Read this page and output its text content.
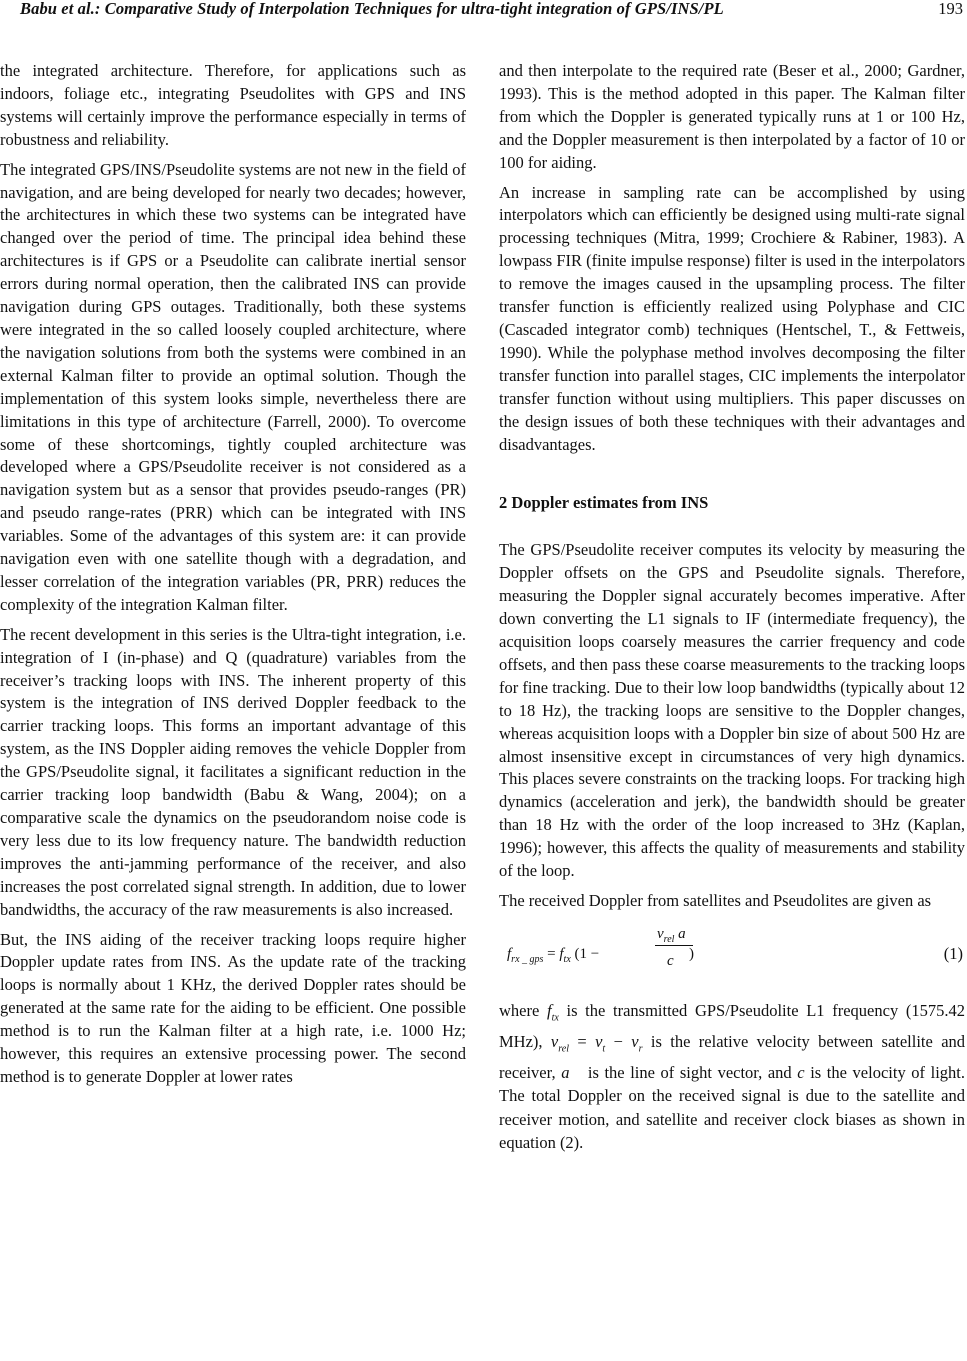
Babu et al.: Comparative Study of Interpolation Techniques for ultra-tight integration of GPS/INS/PL	193

the integrated architecture. Therefore, for applications such as indoors, foliage etc., integrating Pseudolites with GPS and INS systems will certainly improve the performance especially in terms of robustness and reliability.

The integrated GPS/INS/Pseudolite systems are not new in the field of navigation, and are being developed for nearly two decades; however, the architectures in which these two systems can be integrated have changed over the period of time. The principal idea behind these architectures is if GPS or a Pseudolite can calibrate inertial sensor errors during normal operation, then the calibrated INS can provide navigation during GPS outages. Traditionally, both these systems were integrated in the so called loosely coupled architecture, where the navigation solutions from both the systems were combined in an external Kalman filter to provide an optimal solution. Though the implementation of this system looks simple, nevertheless there are limitations in this type of architecture (Farrell, 2000). To overcome some of these shortcomings, tightly coupled architecture was developed where a GPS/Pseudolite receiver is not considered as a navigation system but as a sensor that provides pseudo-ranges (PR) and pseudo range-rates (PRR) which can be integrated with INS variables. Some of the advantages of this system are: it can provide navigation even with one satellite though with a degradation, and lesser correlation of the integration variables (PR, PRR) reduces the complexity of the integration Kalman filter.

The recent development in this series is the Ultra-tight integration, i.e. integration of I (in-phase) and Q (quadrature) variables from the receiver’s tracking loops with INS. The inherent property of this system is the integration of INS derived Doppler feedback to the carrier tracking loops. This forms an important advantage of this system, as the INS Doppler aiding removes the vehicle Doppler from the GPS/Pseudolite signal, it facilitates a significant reduction in the carrier tracking loop bandwidth (Babu & Wang, 2004); on a comparative scale the dynamics on the pseudorandom noise code is very less due to its low frequency nature. The bandwidth reduction improves the anti-jamming performance of the receiver, and also increases the post correlated signal strength. In addition, due to lower bandwidths, the accuracy of the raw measurements is also increased.

But, the INS aiding of the receiver tracking loops require higher Doppler update rates from INS. As the update rate of the tracking loops is normally about 1 KHz, the derived Doppler rates should be generated at the same rate for the aiding to be efficient. One possible method is to run the Kalman filter at a high rate, i.e. 1000 Hz; however, this requires an extensive processing power. The second method is to generate Doppler at lower rates

and then interpolate to the required rate (Beser et al., 2000; Gardner, 1993). This is the method adopted in this paper. The Kalman filter from which the Doppler is generated typically runs at 1 or 100 Hz, and the Doppler measurement is then interpolated by a factor of 10 or 100 for aiding.

An increase in sampling rate can be accomplished by using interpolators which can efficiently be designed using multi-rate signal processing techniques (Mitra, 1999; Crochiere & Rabiner, 1983). A lowpass FIR (finite impulse response) filter is used in the interpolators to remove the images caused in the upsampling process. The filter transfer function is efficiently realized using Polyphase and CIC (Cascaded integrator comb) techniques (Hentschel, T., & Fettweis, 1990). While the polyphase method involves decomposing the filter transfer function into parallel stages, CIC implements the interpolator transfer function without using multipliers. This paper discusses on the design issues of both these techniques with their advantages and disadvantages.

2 Doppler estimates from INS

The GPS/Pseudolite receiver computes its velocity by measuring the Doppler offsets on the GPS and Pseudolite signals. Therefore, measuring the Doppler signal accurately becomes imperative. After down converting the L1 signals to IF (intermediate frequency), the acquisition loops coarsely measures the carrier frequency and code offsets, and then pass these coarse measurements to the tracking loops for fine tracking. Due to their low loop bandwidths (typically about 12 to 18 Hz), the tracking loops are sensitive to the Doppler changes, whereas acquisition loops with a Doppler bin size of about 500 Hz are almost insensitive except in circumstances of very high dynamics. This places severe constraints on the tracking loops. For tracking high dynamics (acceleration and jerk), the bandwidth should be greater than 18 Hz with the order of the loop increased to 3Hz (Kaplan, 1996); however, this affects the quality of measurements and stability of the loop.

The received Doppler from satellites and Pseudolites are given as

$f_{rx \_ gps} = f_{tx}$ (1 −
$v_{rel}$ a⃗
c )	(1)

where $f_{tx}$ is the transmitted GPS/Pseudolite L1 frequency (1575.42 MHz), $v_{rel} = v_t - v_r$ is the relative velocity between satellite and receiver, a⃗ is the line of sight vector, and c is the velocity of light. The total Doppler on the received signal is due to the satellite and receiver motion, and satellite and receiver clock biases as shown in equation (2).
